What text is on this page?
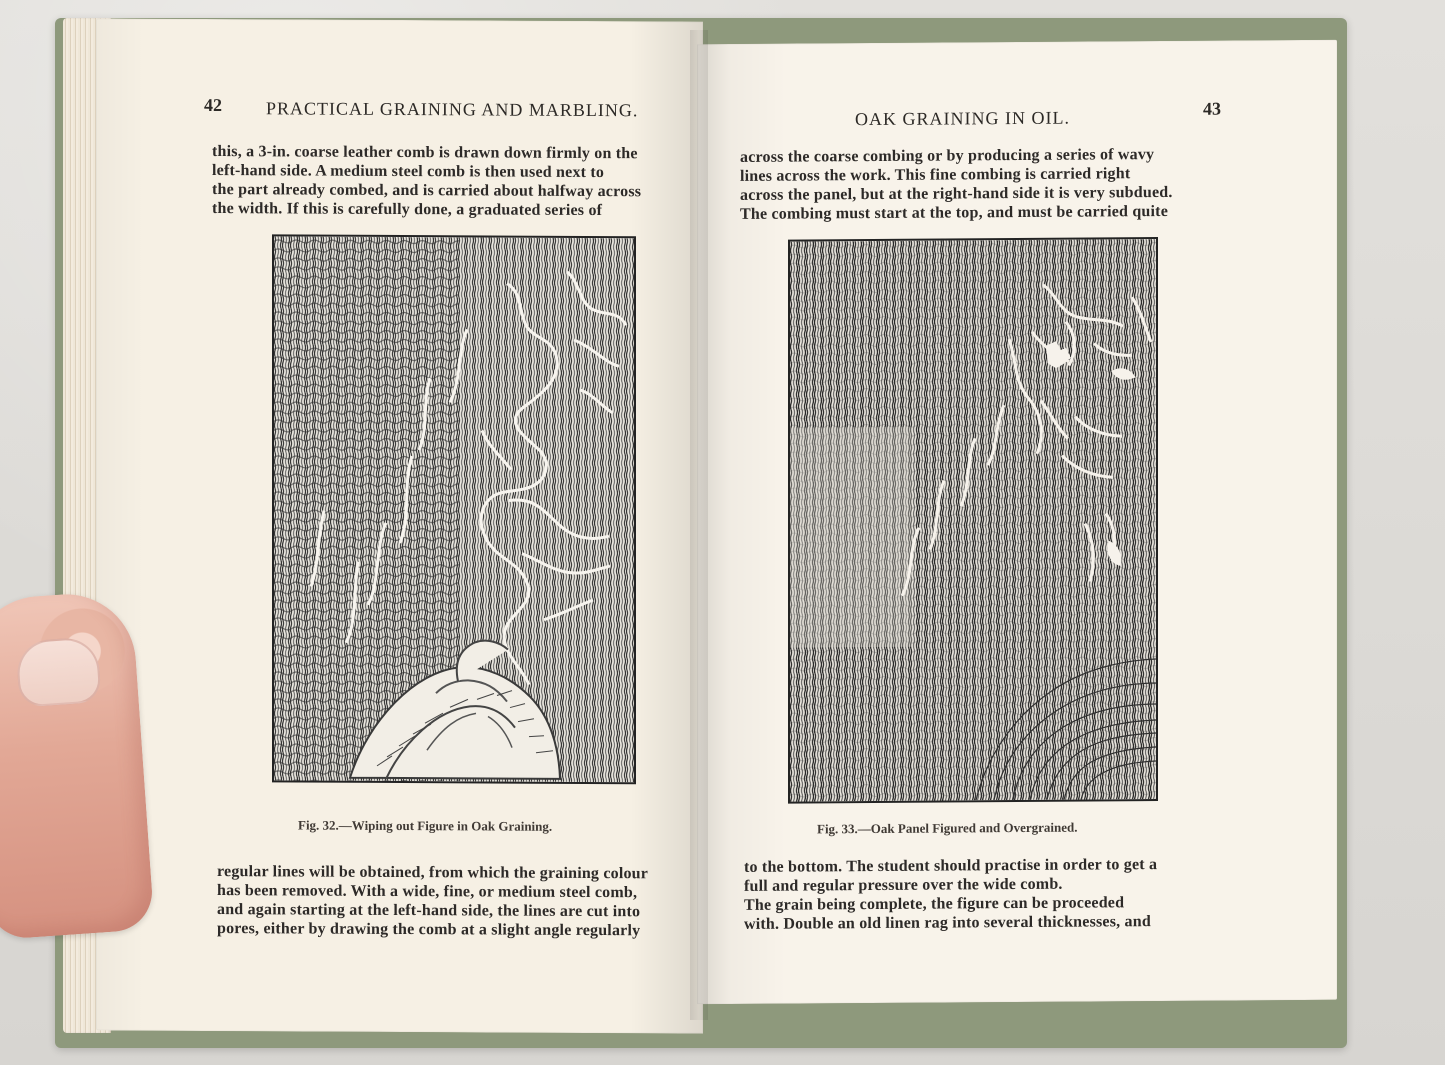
42 PRACTICAL GRAINING AND MARBLING.
this, a 3-in. coarse leather comb is drawn down firmly on the
left-hand side. A medium steel comb is then used next to
the part already combed, and is carried about halfway across
the width. If this is carefully done, a graduated series of
Fig. 32.—Wiping out Figure in Oak Graining.
regular lines will be obtained, from which the graining colour
has been removed. With a wide, fine, or medium steel comb,
and again starting at the left-hand side, the lines are cut into
pores, either by drawing the comb at a slight angle regularly
OAK GRAINING IN OIL.	43
across the coarse combing or by producing a series of wavy
lines across the work. This fine combing is carried right
across the panel, but at the right-hand side it is very subdued.
The combing must start at the top, and must be carried quite
Fig. 33.—Oak Panel Figured and Overgrained.
to the bottom. The student should practise in order to get a
full and regular pressure over the wide comb.
The grain being complete, the figure can be proceeded
with. Double an old linen rag into several thicknesses, and
